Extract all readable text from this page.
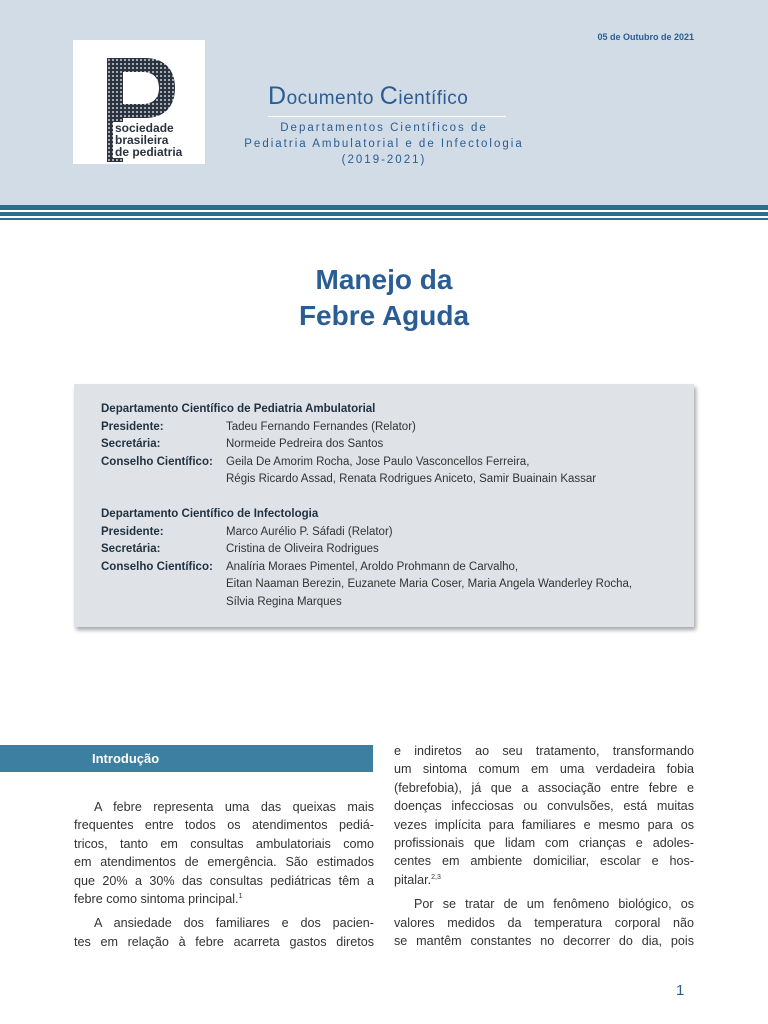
05 de Outubro de 2021
sociedade
brasileira
de pediatria
Documento Científico
Departamentos Científicos de
Pediatria Ambulatorial e de Infectologia
(2019-2021)
Manejo da
Febre Aguda
Departamento Científico de Pediatria Ambulatorial
Presidente:	Tadeu Fernando Fernandes (Relator)
Secretária:	Normeide Pedreira dos Santos
Conselho Científico:	Geila De Amorim Rocha, Jose Paulo Vasconcellos Ferreira,
Régis Ricardo Assad, Renata Rodrigues Aniceto, Samir Buainain Kassar
Departamento Científico de Infectologia
Presidente:	Marco Aurélio P. Sáfadi (Relator)
Secretária:	Cristina de Oliveira Rodrigues
Conselho Científico:	Analíria Moraes Pimentel, Aroldo Prohmann de Carvalho,
Eitan Naaman Berezin, Euzanete Maria Coser, Maria Angela Wanderley Rocha,
Sílvia Regina Marques
Introdução
A febre representa uma das queixas mais
frequentes entre todos os atendimentos pediá-
tricos, tanto em consultas ambulatoriais como
em atendimentos de emergência. São estimados
que 20% a 30% das consultas pediátricas têm a
febre como sintoma principal.$^1$
A ansiedade dos familiares e dos pacien-
tes em relação à febre acarreta gastos diretos
e indiretos ao seu tratamento, transformando
um sintoma comum em uma verdadeira fobia
(febrefobia), já que a associação entre febre e
doenças infecciosas ou convulsões, está muitas
vezes implícita para familiares e mesmo para os
profissionais que lidam com crianças e adoles-
centes em ambiente domiciliar, escolar e hos-
pitalar.$^{2,3}$
Por se tratar de um fenômeno biológico, os
valores medidos da temperatura corporal não
se mantêm constantes no decorrer do dia, pois
1
